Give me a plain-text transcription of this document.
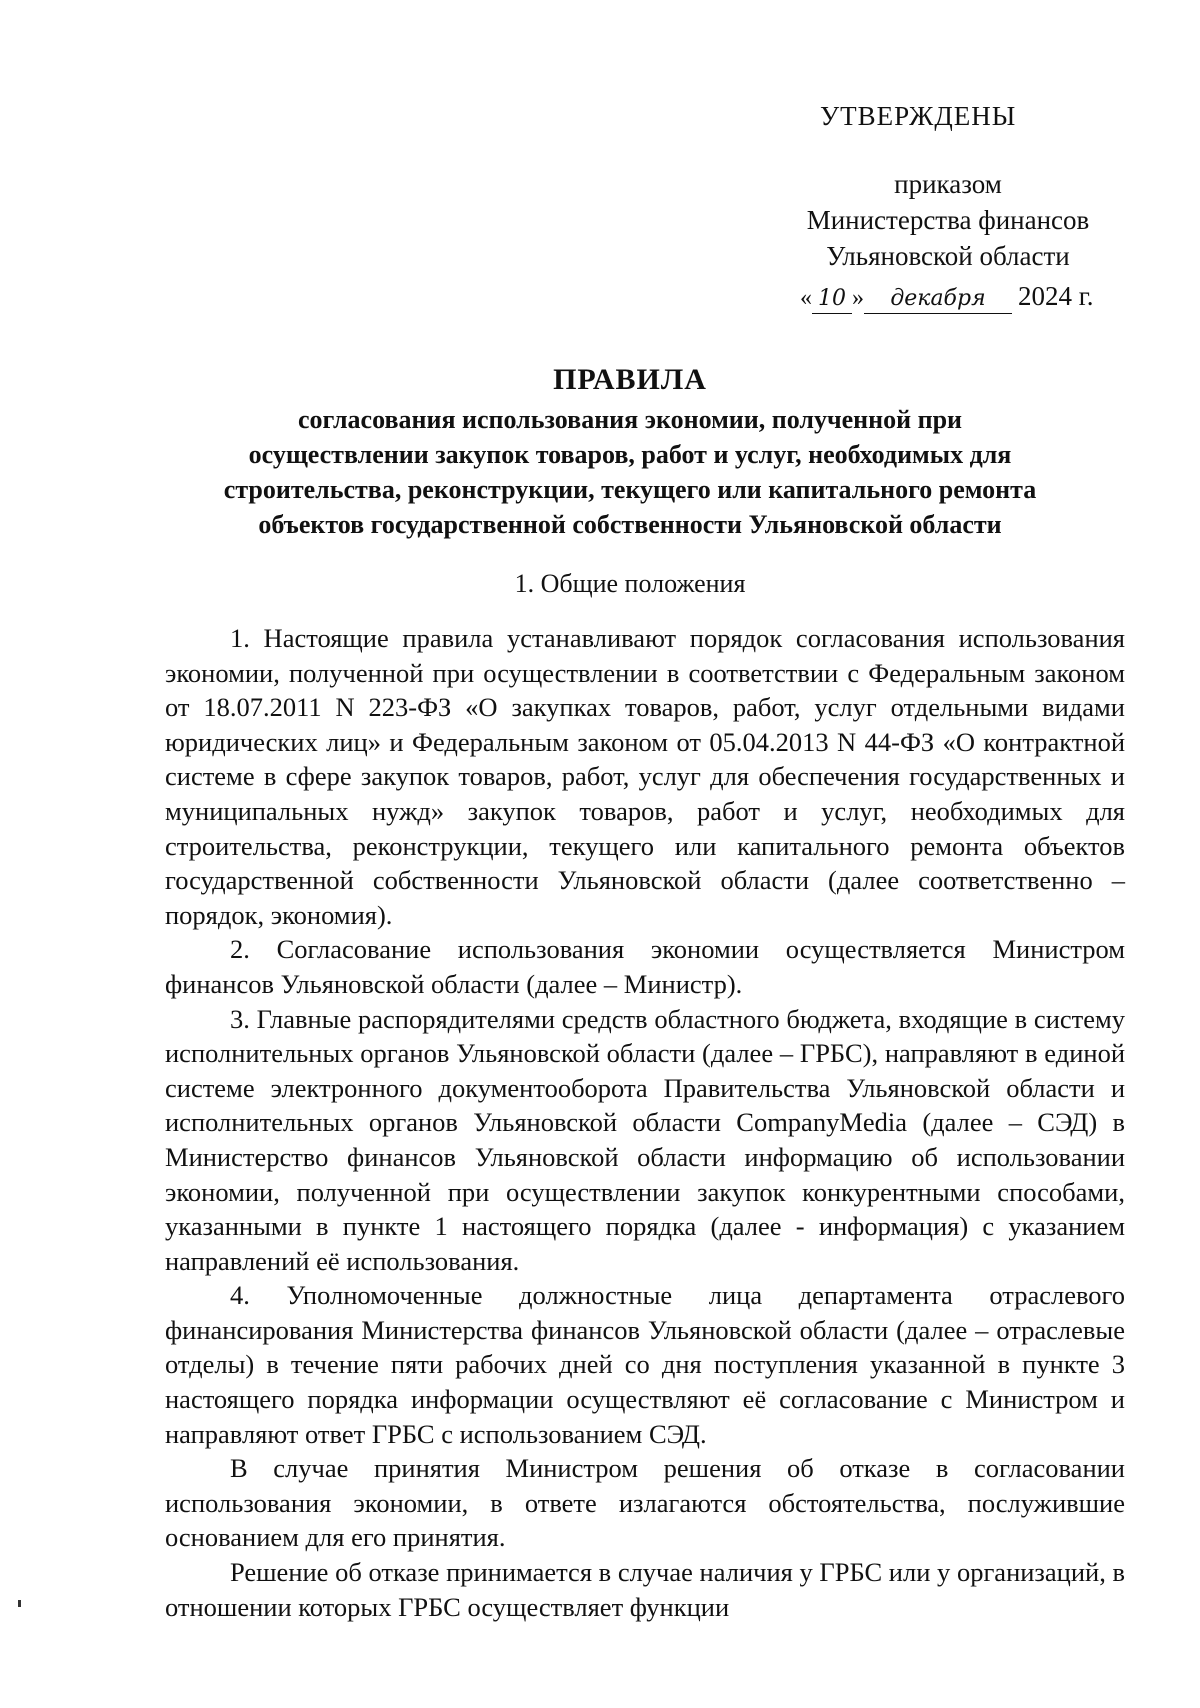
УТВЕРЖДЕНЫ
приказом
Министерства финансов
Ульяновской области
« 10 »	декабря	2024 г.
ПРАВИЛА
согласования использования экономии, полученной при
осуществлении закупок товаров, работ и услуг, необходимых для
строительства, реконструкции, текущего или капитального ремонта
объектов государственной собственности Ульяновской области
1. Общие положения

1. Настоящие правила устанавливают порядок согласования использования экономии, полученной при осуществлении в соответствии с Федеральным законом от 18.07.2011 N 223-ФЗ «О закупках товаров, работ, услуг отдельными видами юридических лиц» и Федеральным законом от 05.04.2013 N 44-ФЗ «О контрактной системе в сфере закупок товаров, работ, услуг для обеспечения государственных и муниципальных нужд» закупок товаров, работ и услуг, необходимых для строительства, реконструкции, текущего или капитального ремонта объектов государственной собственности Ульяновской области (далее соответственно – порядок, экономия).

2. Согласование использования экономии осуществляется Министром финансов Ульяновской области (далее – Министр).

3. Главные распорядителями средств областного бюджета, входящие в систему исполнительных органов Ульяновской области (далее – ГРБС), направляют в единой системе электронного документооборота Правительства Ульяновской области и исполнительных органов Ульяновской области CompanyMedia (далее – СЭД) в Министерство финансов Ульяновской области информацию об использовании экономии, полученной при осуществлении закупок конкурентными способами, указанными в пункте 1 настоящего порядка (далее - информация) с указанием направлений её использования.

4. Уполномоченные должностные лица департамента отраслевого финансирования Министерства финансов Ульяновской области (далее – отраслевые отделы) в течение пяти рабочих дней со дня поступления указанной в пункте 3 настоящего порядка информации осуществляют её согласование с Министром и направляют ответ ГРБС с использованием СЭД.

В случае принятия Министром решения об отказе в согласовании использования экономии, в ответе излагаются обстоятельства, послужившие основанием для его принятия.

Решение об отказе принимается в случае наличия у ГРБС или у организаций, в отношении которых ГРБС осуществляет функции
